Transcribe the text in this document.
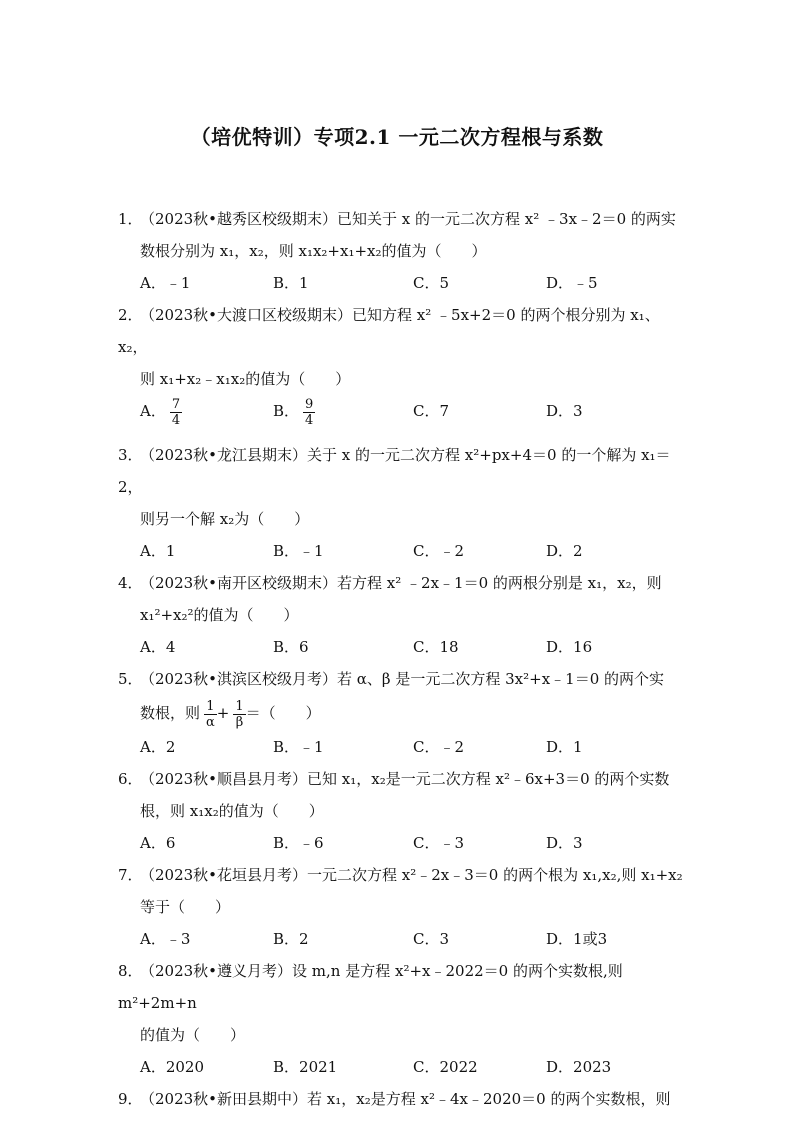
（培优特训）专项2.1 一元二次方程根与系数
1．（2023秋•越秀区校级期末）已知关于 x 的一元二次方程 x² ﹣3x﹣2＝0 的两实
数根分别为 x₁，x₂，则 x₁x₂+x₁+x₂的值为（　　）
A．﹣1	B．1	C．5	D．﹣5
2．（2023秋•大渡口区校级期末）已知方程 x² ﹣5x+2＝0 的两个根分别为 x₁、x₂，
则 x₁+x₂﹣x₁x₂的值为（　　）
A． $\frac{7}{4}$	B． $\frac{9}{4}$	C．7	D．3
3．（2023秋•龙江县期末）关于 x 的一元二次方程 x²+px+4＝0 的一个解为 x₁＝2，
则另一个解 x₂为（　　）
A．1	B．﹣1	C．﹣2	D．2
4．（2023秋•南开区校级期末）若方程 x² ﹣2x﹣1＝0 的两根分别是 x₁，x₂，则
x₁²+x₂²的值为（　　）
A．4	B．6	C．18	D．16
5．（2023秋•淇滨区校级月考）若 α、β 是一元二次方程 3x²+x﹣1＝0 的两个实
数根，则 $\frac{1}{\alpha} + \frac{1}{\beta}$ ＝（　　）
A．2	B．﹣1	C．﹣2	D．1
6．（2023秋•顺昌县月考）已知 x₁，x₂是一元二次方程 x²﹣6x+3＝0 的两个实数
根，则 x₁x₂的值为（　　）
A．6	B．﹣6	C．﹣3	D．3
7．（2023秋•花垣县月考）一元二次方程 x²﹣2x﹣3＝0 的两个根为 x₁,x₂,则 x₁+x₂
等于（　　）
A．﹣3	B．2	C．3	D．1或3
8．（2023秋•遵义月考）设 m,n 是方程 x²+x﹣2022＝0 的两个实数根,则 m²+2m+n
的值为（　　）
A．2020	B．2021	C．2022	D．2023
9．（2023秋•新田县期中）若 x₁，x₂是方程 x²﹣4x﹣2020＝0 的两个实数根，则
